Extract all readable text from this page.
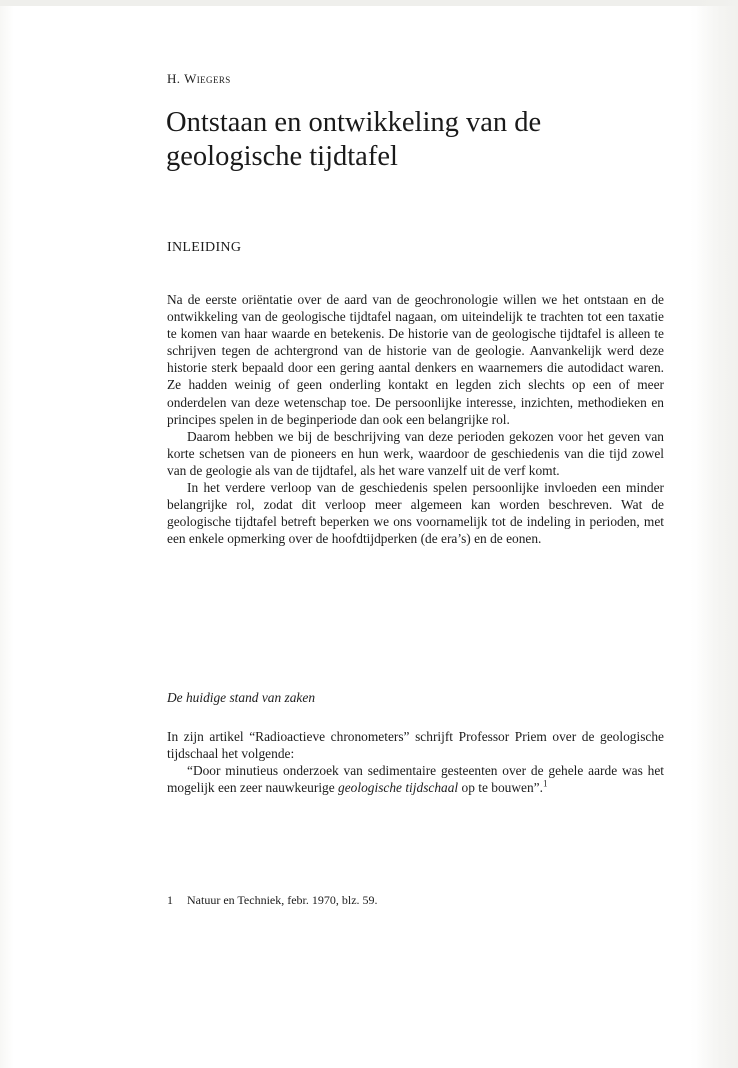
H. Wiegers
Ontstaan en ontwikkeling van de
geologische tijdtafel
INLEIDING

Na de eerste oriëntatie over de aard van de geochronologie willen we het ontstaan en de ontwikkeling van de geologische tijdtafel nagaan, om uiteindelijk te trachten tot een taxatie te komen van haar waarde en betekenis. De historie van de geologische tijdtafel is alleen te schrijven tegen de achtergrond van de historie van de geologie. Aanvankelijk werd deze historie sterk bepaald door een gering aantal denkers en waarnemers die autodidact waren. Ze hadden weinig of geen onderling kontakt en legden zich slechts op een of meer onderdelen van deze wetenschap toe. De persoonlijke interesse, inzichten, methodieken en principes spelen in de beginperiode dan ook een belangrijke rol.

Daarom hebben we bij de beschrijving van deze perioden gekozen voor het geven van korte schetsen van de pioneers en hun werk, waardoor de geschiedenis van die tijd zowel van de geologie als van de tijdtafel, als het ware vanzelf uit de verf komt.

In het verdere verloop van de geschiedenis spelen persoonlijke invloeden een minder belangrijke rol, zodat dit verloop meer algemeen kan worden beschreven. Wat de geologische tijdtafel betreft beperken we ons voornamelijk tot de indeling in perioden, met een enkele opmerking over de hoofdtijdperken (de era’s) en de eonen.

De huidige stand van zaken

In zijn artikel “Radioactieve chronometers” schrijft Professor Priem over de geologische tijdschaal het volgende:

“Door minutieus onderzoek van sedimentaire gesteenten over de gehele aarde was het mogelijk een zeer nauwkeurige geologische tijdschaal op te bouwen”.$^1$

1 Natuur en Techniek, febr. 1970, blz. 59.
